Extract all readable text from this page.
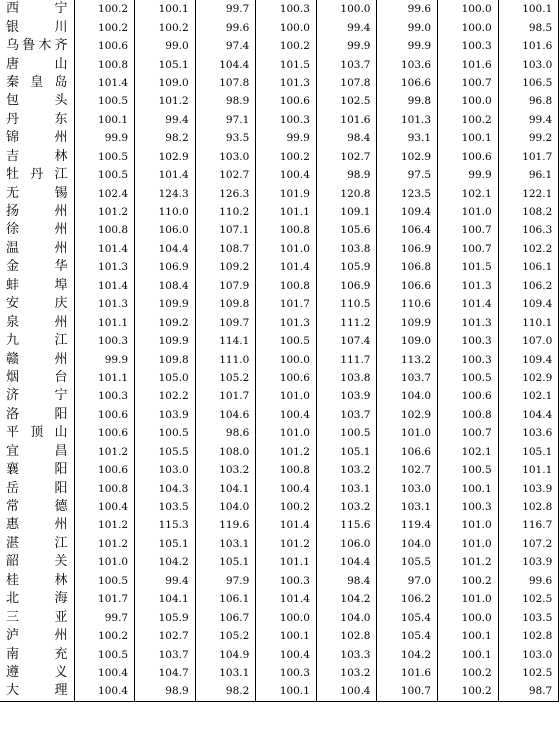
西宁	100.2	100.1	99.7	100.3	100.0	99.6	100.0	100.1	
银川	100.2	100.2	99.6	100.0	99.4	99.0	100.0	98.5	
乌鲁木齐	100.6	99.0	97.4	100.2	99.9	99.9	100.3	101.6	
唐山	100.8	105.1	104.4	101.5	103.7	103.6	101.6	103.0	
秦皇岛	101.4	109.0	107.8	101.3	107.8	106.6	100.7	106.5	
包头	100.5	101.2	98.9	100.6	102.5	99.8	100.0	96.8	
丹东	100.1	99.4	97.1	100.3	101.6	101.3	100.2	99.4	
锦州	99.9	98.2	93.5	99.9	98.4	93.1	100.1	99.2	
吉林	100.5	102.9	103.0	100.2	102.7	102.9	100.6	101.7	
牡丹江	100.5	101.4	102.7	100.4	98.9	97.5	99.9	96.1	
无锡	102.4	124.3	126.3	101.9	120.8	123.5	102.1	122.1	
扬州	101.2	110.0	110.2	101.1	109.1	109.4	101.0	108.2	
徐州	100.8	106.0	107.1	100.8	105.6	106.4	100.7	106.3	
温州	101.4	104.4	108.7	101.0	103.8	106.9	100.7	102.2	
金华	101.3	106.9	109.2	101.4	105.9	106.8	101.5	106.1	
蚌埠	101.4	108.4	107.9	100.8	106.9	106.6	101.3	106.2	
安庆	101.3	109.9	109.8	101.7	110.5	110.6	101.4	109.4	
泉州	101.1	109.2	109.7	101.3	111.2	109.9	101.3	110.1	
九江	100.3	109.9	114.1	100.5	107.4	109.0	100.3	107.0	
赣州	99.9	109.8	111.0	100.0	111.7	113.2	100.3	109.4	
烟台	101.1	105.0	105.2	100.6	103.8	103.7	100.5	102.9	
济宁	100.3	102.2	101.7	101.0	103.9	104.0	100.6	102.1	
洛阳	100.6	103.9	104.6	100.4	103.7	102.9	100.8	104.4	
平顶山	100.6	100.5	98.6	101.0	100.5	101.0	100.7	103.6	
宜昌	101.2	105.5	108.0	101.2	105.1	106.6	102.1	105.1	
襄阳	100.6	103.0	103.2	100.8	103.2	102.7	100.5	101.1	
岳阳	100.8	104.3	104.1	100.4	103.1	103.0	100.1	103.9	
常德	100.4	103.5	104.0	100.2	103.2	103.1	100.3	102.8	
惠州	101.2	115.3	119.6	101.4	115.6	119.4	101.0	116.7	
湛江	101.2	105.1	103.1	101.2	106.0	104.0	101.0	107.2	
韶关	101.0	104.2	105.1	101.1	104.4	105.5	101.2	103.9	
桂林	100.5	99.4	97.9	100.3	98.4	97.0	100.2	99.6	
北海	101.7	104.1	106.1	101.4	104.2	106.2	101.0	102.5	
三亚	99.7	105.9	106.7	100.0	104.0	105.4	100.0	103.5	
泸州	100.2	102.7	105.2	100.1	102.8	105.4	100.1	102.8	
南充	100.5	103.7	104.9	100.4	103.3	104.2	100.1	103.0	
遵义	100.4	104.7	103.1	100.3	103.2	101.6	100.2	102.5	
大理	100.4	98.9	98.2	100.1	100.4	100.7	100.2	98.7	
